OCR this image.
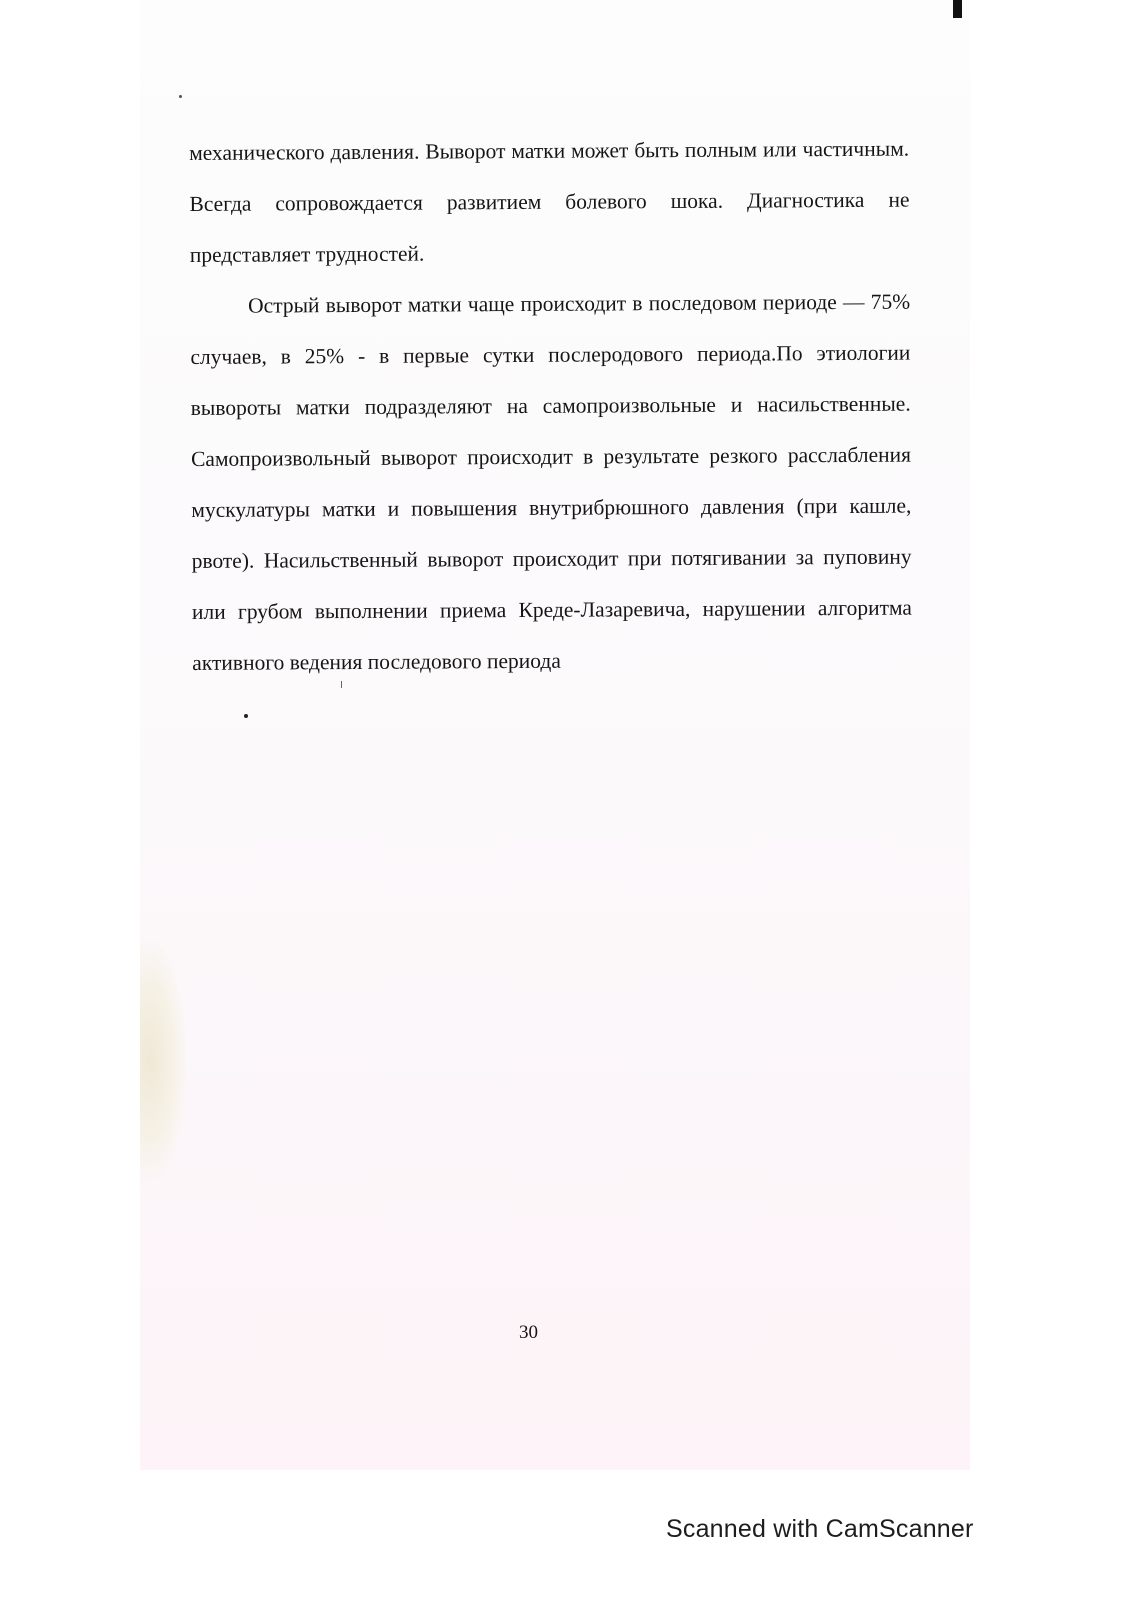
механического давления. Выворот матки может быть полным или частичным. Всегда сопровождается развитием болевого шока. Диагностика не представляет трудностей.

Острый выворот матки чаще происходит в последовом периоде — 75% случаев, в 25% - в первые сутки послеродового периода.По этиологии вывороты матки подразделяют на самопроизвольные и насильственные. Самопроизвольный выворот происходит в результате резкого расслабления мускулатуры матки и повышения внутрибрюшного давления (при кашле, рвоте). Насильственный выворот происходит при потягивании за пуповину или грубом выполнении приема Креде-Лазаревича, нарушении алгоритма активного ведения последового периода

30
Scanned with CamScanner
